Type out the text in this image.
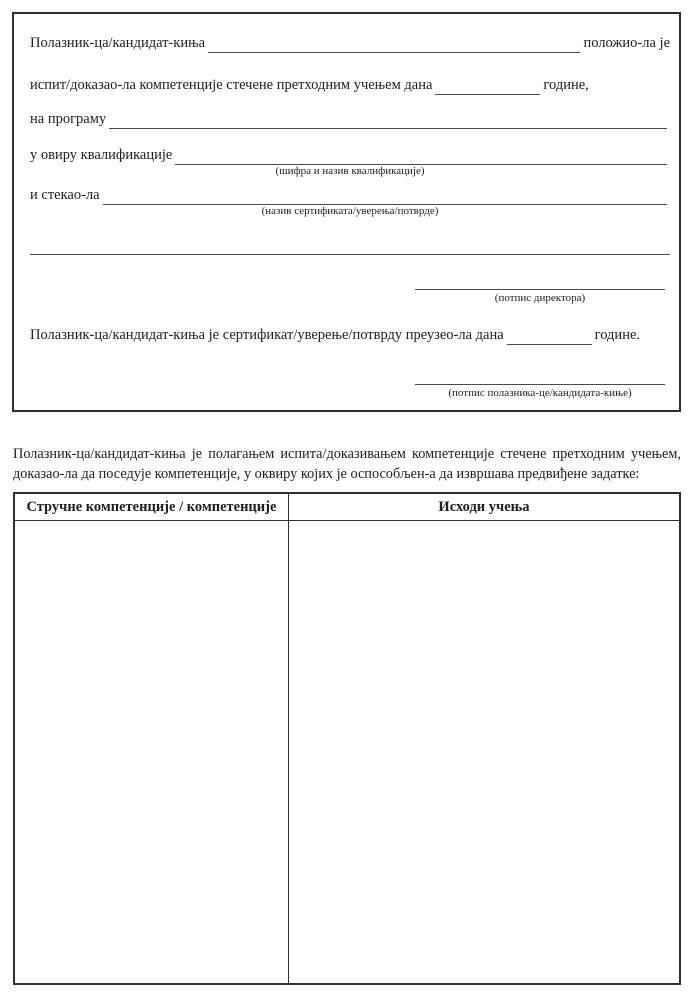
Полазник-ца/кандидат-киња	положио-ла је
испит/доказао-ла компетенције стечене претходним учењем дана	године,
на програму
у овиру квалификације
(шифра и назив квалификације)
и стекао-ла
(назив сертификата/уверења/потврде)
(потпис директора)
Полазник-ца/кандидат-киња је сертификат/уверење/потврду преузео-ла дана	године.
(потпис полазника-це/кандидата-киње)

Полазник-ца/кандидат-киња је полагањем испита/доказивањем компетенције стечене претходним учењем, доказао-ла да поседује компетенције, у оквиру којих је оспособљен-а да извршава предвиђене задатке:

Стручне компетенције / компетенције	Исходи учења
